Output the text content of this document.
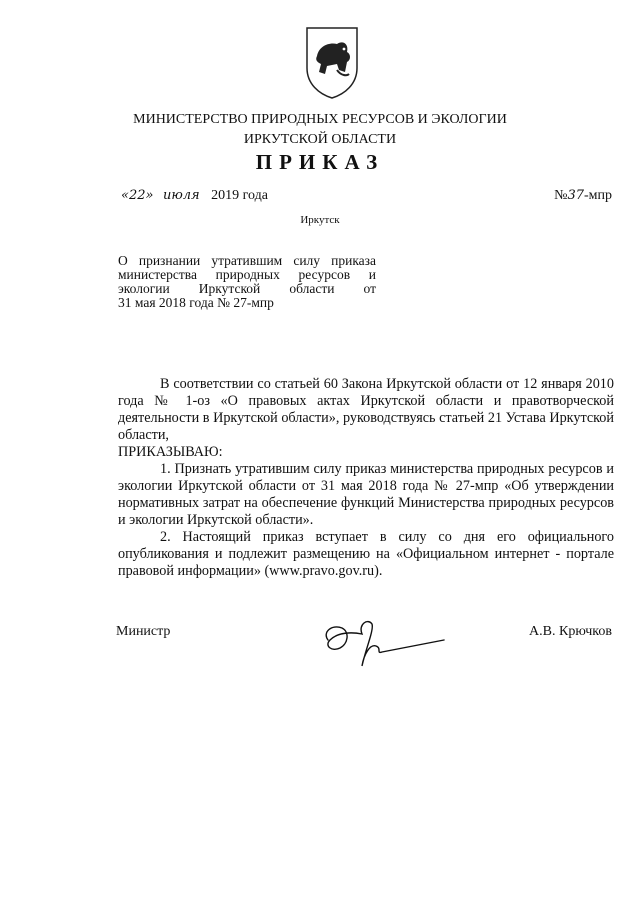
МИНИСТЕРСТВО ПРИРОДНЫХ РЕСУРСОВ И ЭКОЛОГИИ
ИРКУТСКОЙ ОБЛАСТИ
ПРИКАЗ
«22» июля 2019 года	№37-мпр
Иркутск
О признании утратившим силу приказа
министерства природных ресурсов и
экологии Иркутской области от
31 мая 2018 года № 27-мпр
В соответствии со статьей 60 Закона Иркутской области от 12 января 2010 года № 1-оз «О правовых актах Иркутской области и правотворческой деятельности в Иркутской области», руководствуясь статьей 21 Устава Иркутской области,
ПРИКАЗЫВАЮ:
1. Признать утратившим силу приказ министерства природных ресурсов и экологии Иркутской области от 31 мая 2018 года № 27-мпр «Об утверждении нормативных затрат на обеспечение функций Министерства природных ресурсов и экологии Иркутской области».
2. Настоящий приказ вступает в силу со дня его официального опубликования и подлежит размещению на «Официальном интернет - портале правовой информации» (www.pravo.gov.ru).
Министр	А.В. Крючков
